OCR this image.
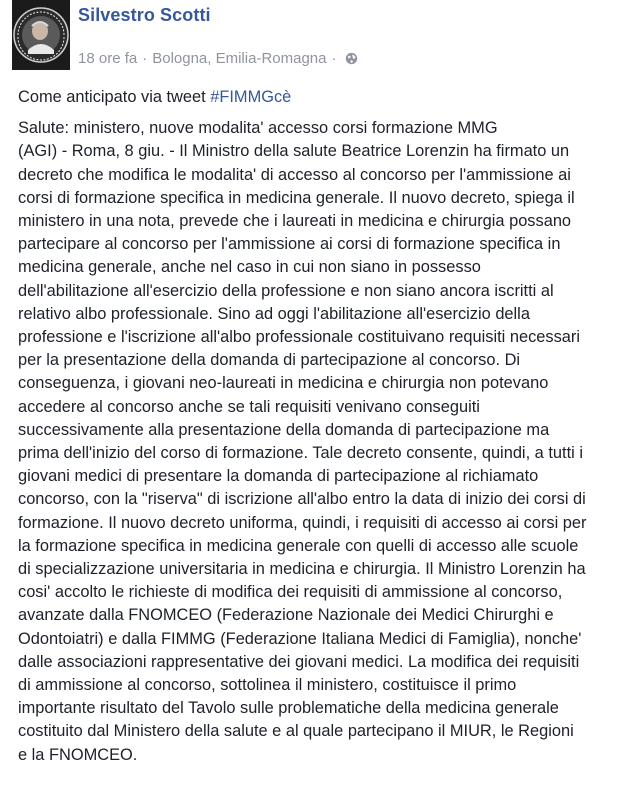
Silvestro Scotti
18 ore fa · Bologna, Emilia-Romagna ·
Come anticipato via tweet #FIMMGcè
Salute: ministero, nuove modalita' accesso corsi formazione MMG
(AGI) - Roma, 8 giu. - Il Ministro della salute Beatrice Lorenzin ha firmato un
decreto che modifica le modalita' di accesso al concorso per l'ammissione ai
corsi di formazione specifica in medicina generale. Il nuovo decreto, spiega il
ministero in una nota, prevede che i laureati in medicina e chirurgia possano
partecipare al concorso per l'ammissione ai corsi di formazione specifica in
medicina generale, anche nel caso in cui non siano in possesso
dell'abilitazione all'esercizio della professione e non siano ancora iscritti al
relativo albo professionale. Sino ad oggi l'abilitazione all'esercizio della
professione e l'iscrizione all'albo professionale costituivano requisiti necessari
per la presentazione della domanda di partecipazione al concorso. Di
conseguenza, i giovani neo-laureati in medicina e chirurgia non potevano
accedere al concorso anche se tali requisiti venivano conseguiti
successivamente alla presentazione della domanda di partecipazione ma
prima dell'inizio del corso di formazione. Tale decreto consente, quindi, a tutti i
giovani medici di presentare la domanda di partecipazione al richiamato
concorso, con la "riserva" di iscrizione all'albo entro la data di inizio dei corsi di
formazione. Il nuovo decreto uniforma, quindi, i requisiti di accesso ai corsi per
la formazione specifica in medicina generale con quelli di accesso alle scuole
di specializzazione universitaria in medicina e chirurgia. Il Ministro Lorenzin ha
cosi' accolto le richieste di modifica dei requisiti di ammissione al concorso,
avanzate dalla FNOMCEO (Federazione Nazionale dei Medici Chirurghi e
Odontoiatri) e dalla FIMMG (Federazione Italiana Medici di Famiglia), nonche'
dalle associazioni rappresentative dei giovani medici. La modifica dei requisiti
di ammissione al concorso, sottolinea il ministero, costituisce il primo
importante risultato del Tavolo sulle problematiche della medicina generale
costituito dal Ministero della salute e al quale partecipano il MIUR, le Regioni
e la FNOMCEO.
